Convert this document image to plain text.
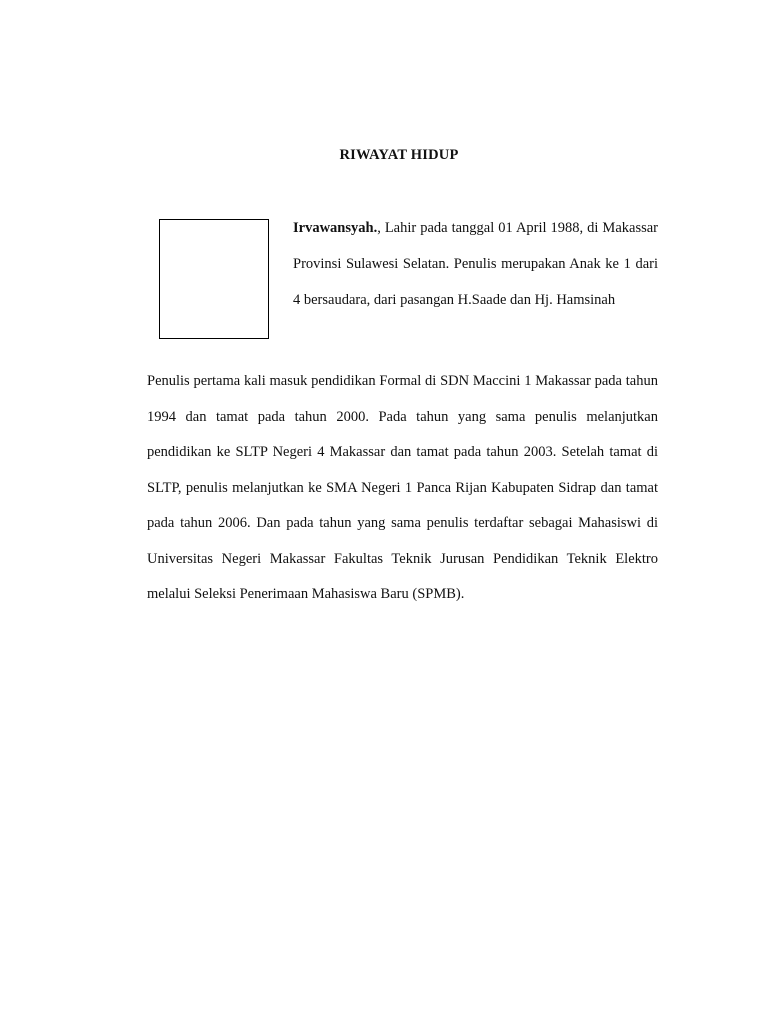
RIWAYAT HIDUP

Irvawansyah., Lahir pada tanggal 01 April 1988, di Makassar Provinsi Sulawesi Selatan. Penulis merupakan Anak ke 1 dari 4 bersaudara, dari pasangan H.Saade dan Hj. Hamsinah

Penulis pertama kali masuk pendidikan Formal di SDN Maccini 1 Makassar pada tahun 1994 dan tamat pada tahun 2000. Pada tahun yang sama penulis melanjutkan pendidikan ke SLTP Negeri 4 Makassar dan tamat pada tahun 2003. Setelah tamat di SLTP, penulis melanjutkan ke SMA Negeri 1 Panca Rijan Kabupaten Sidrap dan tamat pada tahun 2006. Dan pada tahun yang sama penulis terdaftar sebagai Mahasiswi di Universitas Negeri Makassar Fakultas Teknik Jurusan Pendidikan Teknik Elektro melalui Seleksi Penerimaan Mahasiswa Baru (SPMB).
